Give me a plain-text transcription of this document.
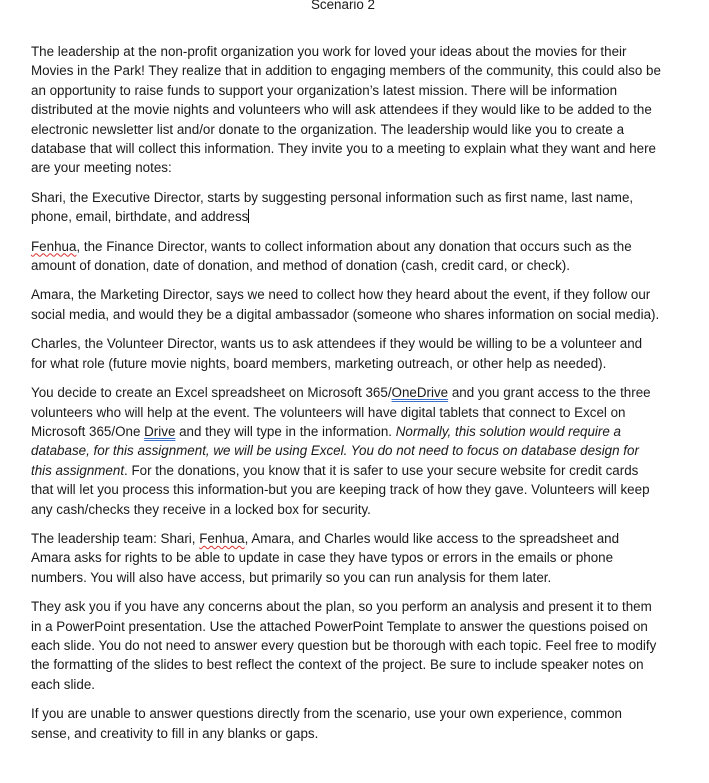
Scenario 2

The leadership at the non-profit organization you work for loved your ideas about the movies for their Movies in the Park! They realize that in addition to engaging members of the community, this could also be an opportunity to raise funds to support your organization’s latest mission. There will be information distributed at the movie nights and volunteers who will ask attendees if they would like to be added to the electronic newsletter list and/or donate to the organization. The leadership would like you to create a database that will collect this information. They invite you to a meeting to explain what they want and here are your meeting notes:

Shari, the Executive Director, starts by suggesting personal information such as first name, last name, phone, email, birthdate, and address

Fenhua, the Finance Director, wants to collect information about any donation that occurs such as the amount of donation, date of donation, and method of donation (cash, credit card, or check).

Amara, the Marketing Director, says we need to collect how they heard about the event, if they follow our social media, and would they be a digital ambassador (someone who shares information on social media).

Charles, the Volunteer Director, wants us to ask attendees if they would be willing to be a volunteer and for what role (future movie nights, board members, marketing outreach, or other help as needed).

You decide to create an Excel spreadsheet on Microsoft 365/OneDrive and you grant access to the three volunteers who will help at the event. The volunteers will have digital tablets that connect to Excel on Microsoft 365/One Drive and they will type in the information. Normally, this solution would require a database, for this assignment, we will be using Excel. You do not need to focus on database design for this assignment. For the donations, you know that it is safer to use your secure website for credit cards that will let you process this information-but you are keeping track of how they gave. Volunteers will keep any cash/checks they receive in a locked box for security.

The leadership team: Shari, Fenhua, Amara, and Charles would like access to the spreadsheet and Amara asks for rights to be able to update in case they have typos or errors in the emails or phone numbers. You will also have access, but primarily so you can run analysis for them later.

They ask you if you have any concerns about the plan, so you perform an analysis and present it to them in a PowerPoint presentation. Use the attached PowerPoint Template to answer the questions poised on each slide. You do not need to answer every question but be thorough with each topic. Feel free to modify the formatting of the slides to best reflect the context of the project. Be sure to include speaker notes on each slide.

If you are unable to answer questions directly from the scenario, use your own experience, common sense, and creativity to fill in any blanks or gaps.
